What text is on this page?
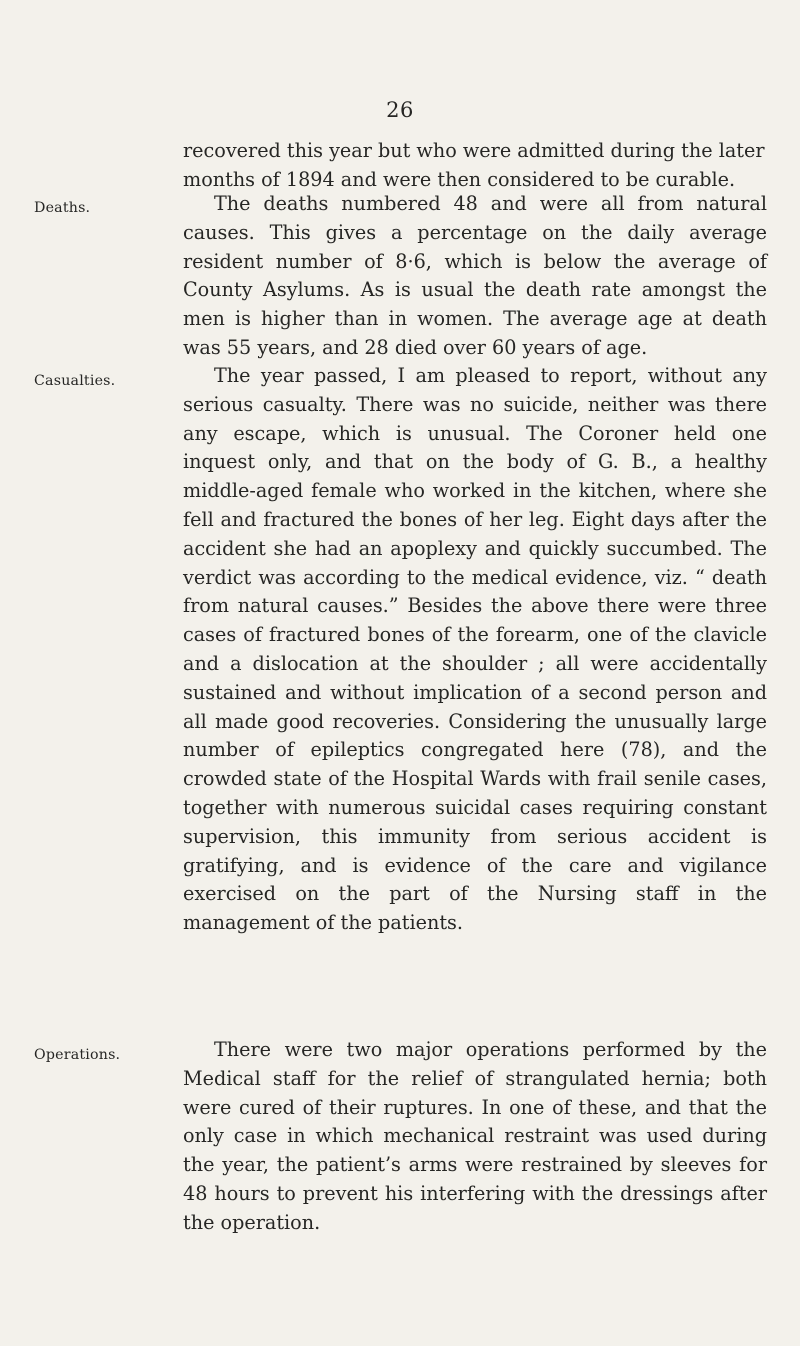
26

recovered this year but who were admitted during the later months of 1894 and were then considered to be curable.

Deaths.	The deaths numbered 48 and were all from natural causes. This gives a percentage on the daily average resident number of 8·6, which is below the average of County Asylums. As is usual the death rate amongst the men is higher than in women. The average age at death was 55 years, and 28 died over 60 years of age.

Casualties.	The year passed, I am pleased to report, without any serious casualty. There was no suicide, neither was there any escape, which is unusual. The Coroner held one inquest only, and that on the body of G. B., a healthy middle-aged female who worked in the kitchen, where she fell and fractured the bones of her leg. Eight days after the accident she had an apoplexy and quickly succumbed. The verdict was according to the medical evidence, viz. “ death from natural causes.” Besides the above there were three cases of fractured bones of the forearm, one of the clavicle and a dislocation at the shoulder ; all were accidentally sustained and without implication of a second person and all made good recoveries. Considering the unusually large number of epileptics congregated here (78), and the crowded state of the Hospital Wards with frail senile cases, together with numerous suicidal cases requiring constant supervision, this immunity from serious accident is gratifying, and is evidence of the care and vigilance exercised on the part of the Nursing staff in the management of the patients.

Operations.	There were two major operations performed by the Medical staff for the relief of strangulated hernia; both were cured of their ruptures. In one of these, and that the only case in which mechanical restraint was used during the year, the patient’s arms were restrained by sleeves for 48 hours to prevent his interfering with the dressings after the operation.
